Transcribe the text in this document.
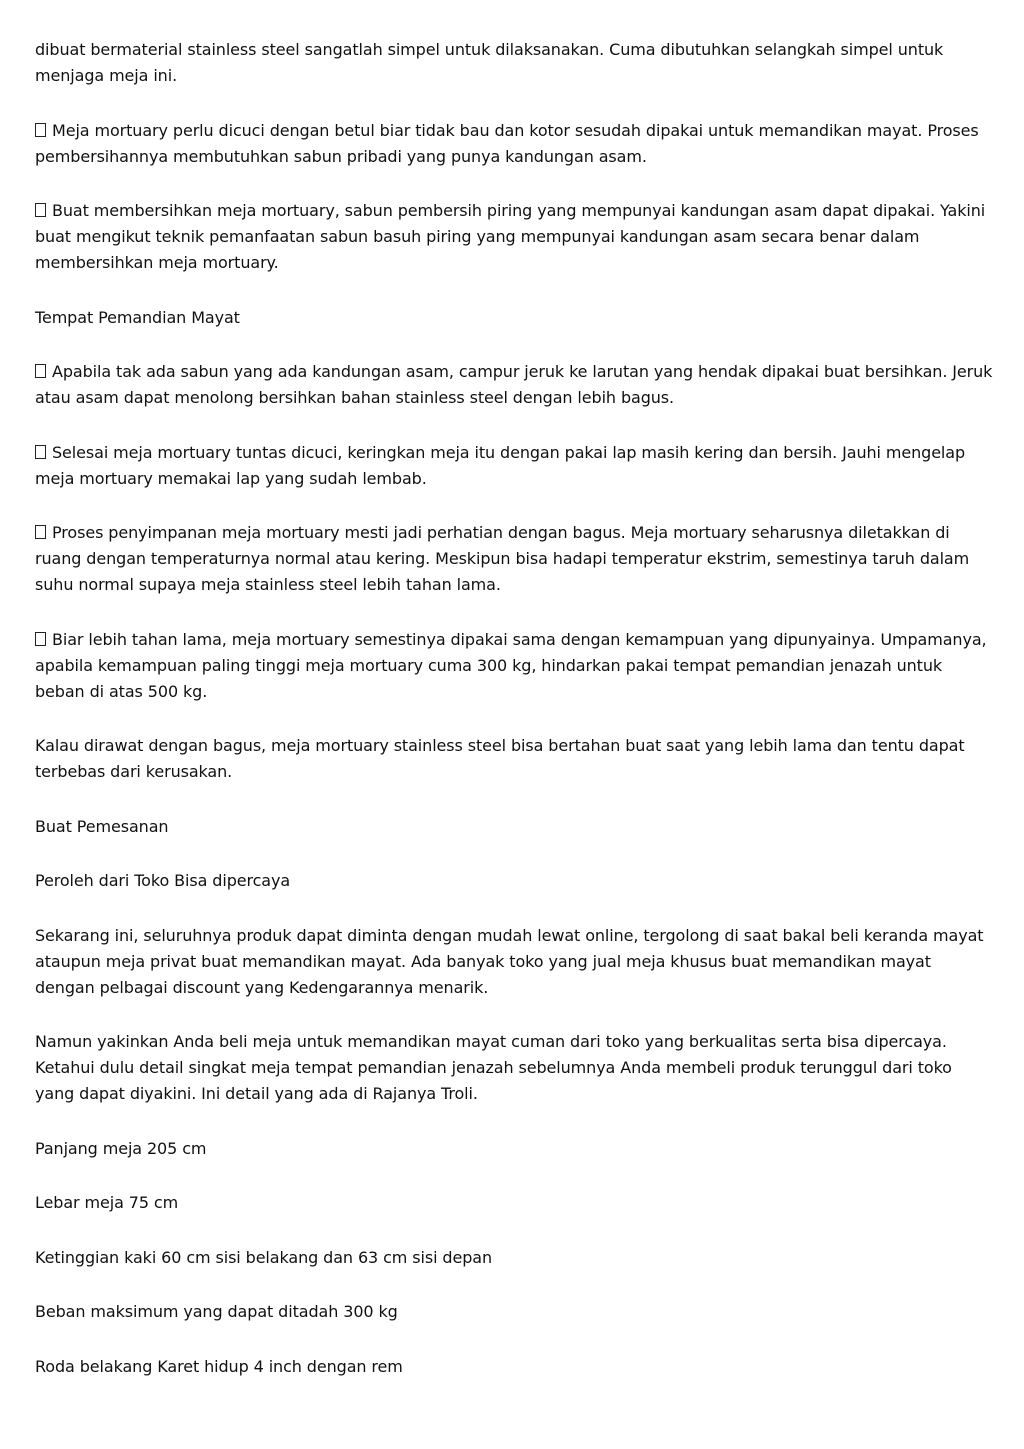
dibuat bermaterial stainless steel sangatlah simpel untuk dilaksanakan. Cuma dibutuhkan selangkah simpel untuk menjaga meja ini.

Meja mortuary perlu dicuci dengan betul biar tidak bau dan kotor sesudah dipakai untuk memandikan mayat. Proses pembersihannya membutuhkan sabun pribadi yang punya kandungan asam.

Buat membersihkan meja mortuary, sabun pembersih piring yang mempunyai kandungan asam dapat dipakai. Yakini buat mengikut teknik pemanfaatan sabun basuh piring yang mempunyai kandungan asam secara benar dalam membersihkan meja mortuary.

Tempat Pemandian Mayat

Apabila tak ada sabun yang ada kandungan asam, campur jeruk ke larutan yang hendak dipakai buat bersihkan. Jeruk atau asam dapat menolong bersihkan bahan stainless steel dengan lebih bagus.

Selesai meja mortuary tuntas dicuci, keringkan meja itu dengan pakai lap masih kering dan bersih. Jauhi mengelap meja mortuary memakai lap yang sudah lembab.

Proses penyimpanan meja mortuary mesti jadi perhatian dengan bagus. Meja mortuary seharusnya diletakkan di ruang dengan temperaturnya normal atau kering. Meskipun bisa hadapi temperatur ekstrim, semestinya taruh dalam suhu normal supaya meja stainless steel lebih tahan lama.

Biar lebih tahan lama, meja mortuary semestinya dipakai sama dengan kemampuan yang dipunyainya. Umpamanya, apabila kemampuan paling tinggi meja mortuary cuma 300 kg, hindarkan pakai tempat pemandian jenazah untuk beban di atas 500 kg.

Kalau dirawat dengan bagus, meja mortuary stainless steel bisa bertahan buat saat yang lebih lama dan tentu dapat terbebas dari kerusakan.

Buat Pemesanan

Peroleh dari Toko Bisa dipercaya

Sekarang ini, seluruhnya produk dapat diminta dengan mudah lewat online, tergolong di saat bakal beli keranda mayat ataupun meja privat buat memandikan mayat. Ada banyak toko yang jual meja khusus buat memandikan mayat dengan pelbagai discount yang Kedengarannya menarik.

Namun yakinkan Anda beli meja untuk memandikan mayat cuman dari toko yang berkualitas serta bisa dipercaya. Ketahui dulu detail singkat meja tempat pemandian jenazah sebelumnya Anda membeli produk terunggul dari toko yang dapat diyakini. Ini detail yang ada di Rajanya Troli.

Panjang meja 205 cm

Lebar meja 75 cm

Ketinggian kaki 60 cm sisi belakang dan 63 cm sisi depan

Beban maksimum yang dapat ditadah 300 kg

Roda belakang Karet hidup 4 inch dengan rem
